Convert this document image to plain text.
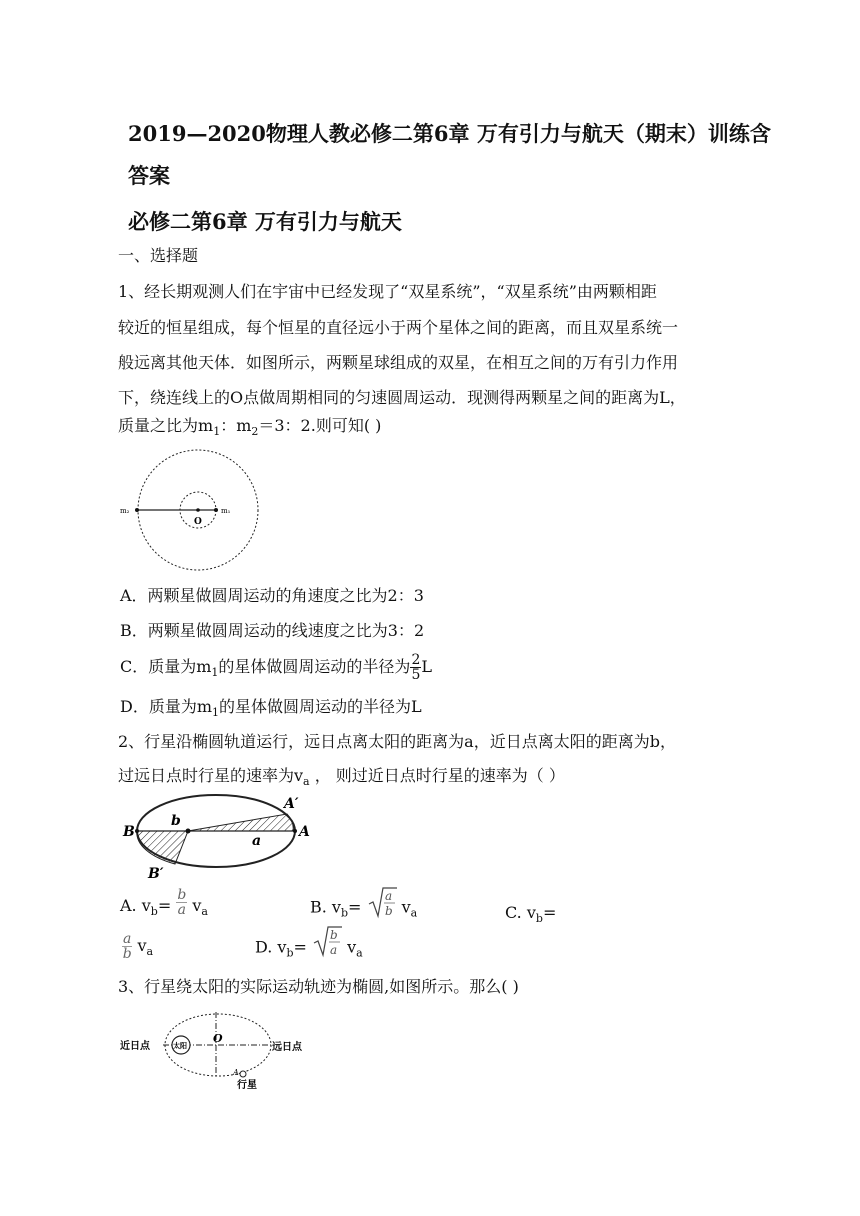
2019—2020物理人教必修二第6章 万有引力与航天（期末）训练含
答案
必修二第6章 万有引力与航天
一、选择题
1、经长期观测人们在宇宙中已经发现了“双星系统”，“双星系统”由两颗相距
较近的恒星组成，每个恒星的直径远小于两个星体之间的距离，而且双星系统一
般远离其他天体．如图所示，两颗星球组成的双星，在相互之间的万有引力作用
下，绕连线上的O点做周期相同的匀速圆周运动．现测得两颗星之间的距离为L，
质量之比为$m_1$：$m_2=3$：2.则可知( )
m₂
O
m₁
A．两颗星做圆周运动的角速度之比为2：3
B．两颗星做圆周运动的线速度之比为3：2
C．质量为$m_1$的星体做圆周运动的半径为 $\frac{2}{5}$ L
D．质量为$m_1$的星体做圆周运动的半径为L
2、行星沿椭圆轨道运行，远日点离太阳的距离为a，近日点离太阳的距离为b，
过远日点时行星的速率为$v_a$ ， 则过近日点时行星的速率为（ ）
B
b
A′
A
a
B′
A. $v_b= \frac{b}{a} v_a$	B. $v_b=$
a
b $v_a$	C. $v_b=$
$\frac{a}{b} v_a$	D. $v_b=$
b
a $v_a$
3、行星绕太阳的实际运动轨迹为椭圆,如图所示。那么( )
近日点	太阳
O
远日点
A
行星
